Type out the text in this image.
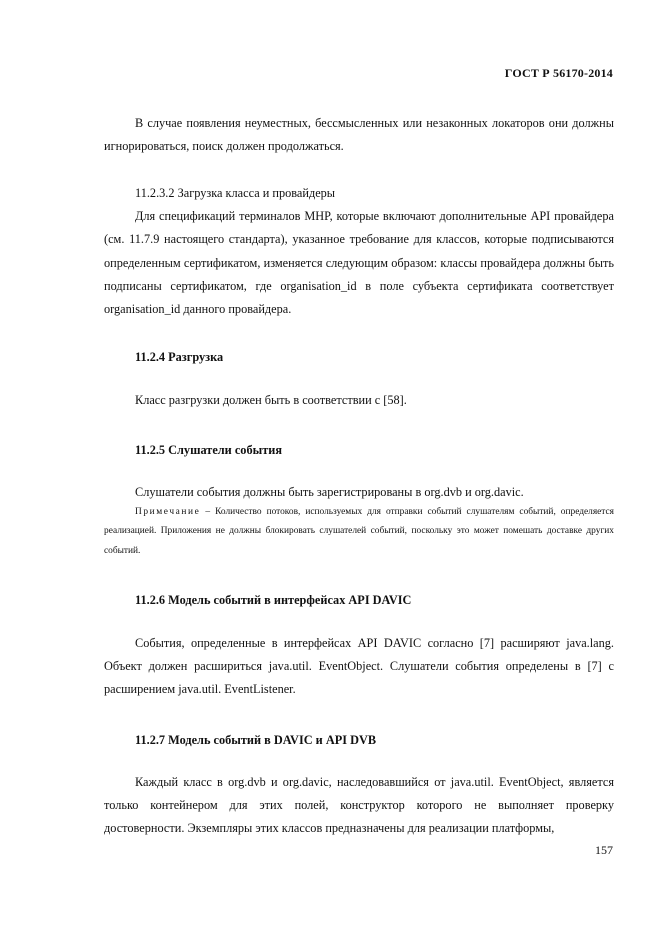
ГОСТ Р 56170-2014

В случае появления неуместных, бессмысленных или незаконных локаторов они должны игнорироваться, поиск должен продолжаться.

11.2.3.2 Загрузка класса и провайдеры

Для спецификаций терминалов MHP, которые включают дополнительные API провайдера (см. 11.7.9 настоящего стандарта), указанное требование для классов, которые подписываются определенным сертификатом, изменяется следующим образом: классы провайдера должны быть подписаны сертификатом, где organisation_id в поле субъекта сертификата соответствует organisation_id данного провайдера.

11.2.4 Разгрузка

Класс разгрузки должен быть в соответствии с [58].

11.2.5 Слушатели события

Слушатели события должны быть зарегистрированы в org.dvb и org.davic.

Примечание – Количество потоков, используемых для отправки событий слушателям событий, определяется реализацией. Приложения не должны блокировать слушателей событий, поскольку это может помешать доставке других событий.

11.2.6 Модель событий в интерфейсах API DAVIC

События, определенные в интерфейсах API DAVIC согласно [7] расширяют java.lang. Объект должен расшириться java.util. EventObject. Слушатели события определены в [7] с расширением java.util. EventListener.

11.2.7 Модель событий в DAVIC и API DVB

Каждый класс в org.dvb и org.davic, наследовавшийся от java.util. EventObject, является только контейнером для этих полей, конструктор которого не выполняет проверку достоверности. Экземпляры этих классов предназначены для реализации платформы,

157
